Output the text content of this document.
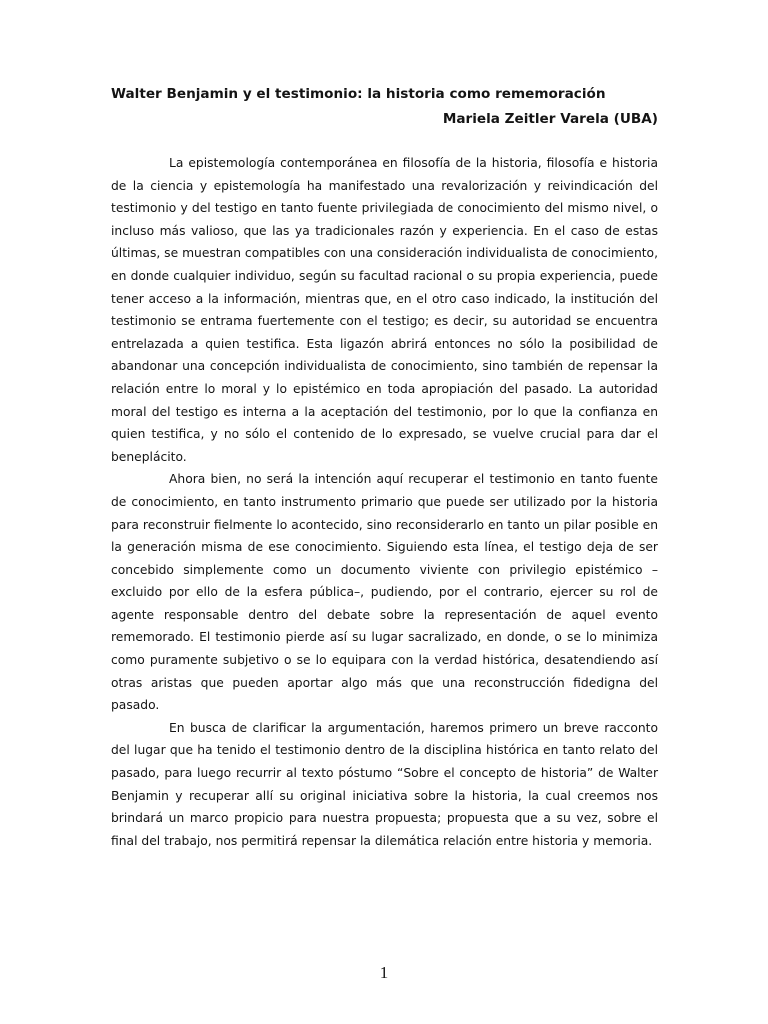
Walter Benjamin y el testimonio: la historia como rememoración
Mariela Zeitler Varela (UBA)

La epistemología contemporánea en filosofía de la historia, filosofía e historia de la ciencia y epistemología ha manifestado una revalorización y reivindicación del testimonio y del testigo en tanto fuente privilegiada de conocimiento del mismo nivel, o incluso más valioso, que las ya tradicionales razón y experiencia. En el caso de estas últimas, se muestran compatibles con una consideración individualista de conocimiento, en donde cualquier individuo, según su facultad racional o su propia experiencia, puede tener acceso a la información, mientras que, en el otro caso indicado, la institución del testimonio se entrama fuertemente con el testigo; es decir, su autoridad se encuentra entrelazada a quien testifica. Esta ligazón abrirá entonces no sólo la posibilidad de abandonar una concepción individualista de conocimiento, sino también de repensar la relación entre lo moral y lo epistémico en toda apropiación del pasado. La autoridad moral del testigo es interna a la aceptación del testimonio, por lo que la confianza en quien testifica, y no sólo el contenido de lo expresado, se vuelve crucial para dar el beneplácito.

Ahora bien, no será la intención aquí recuperar el testimonio en tanto fuente de conocimiento, en tanto instrumento primario que puede ser utilizado por la historia para reconstruir fielmente lo acontecido, sino reconsiderarlo en tanto un pilar posible en la generación misma de ese conocimiento. Siguiendo esta línea, el testigo deja de ser concebido simplemente como un documento viviente con privilegio epistémico –excluido por ello de la esfera pública–, pudiendo, por el contrario, ejercer su rol de agente responsable dentro del debate sobre la representación de aquel evento rememorado. El testimonio pierde así su lugar sacralizado, en donde, o se lo minimiza como puramente subjetivo o se lo equipara con la verdad histórica, desatendiendo así otras aristas que pueden aportar algo más que una reconstrucción fidedigna del pasado.

En busca de clarificar la argumentación, haremos primero un breve racconto del lugar que ha tenido el testimonio dentro de la disciplina histórica en tanto relato del pasado, para luego recurrir al texto póstumo “Sobre el concepto de historia” de Walter Benjamin y recuperar allí su original iniciativa sobre la historia, la cual creemos nos brindará un marco propicio para nuestra propuesta; propuesta que a su vez, sobre el final del trabajo, nos permitirá repensar la dilemática relación entre historia y memoria.

1
